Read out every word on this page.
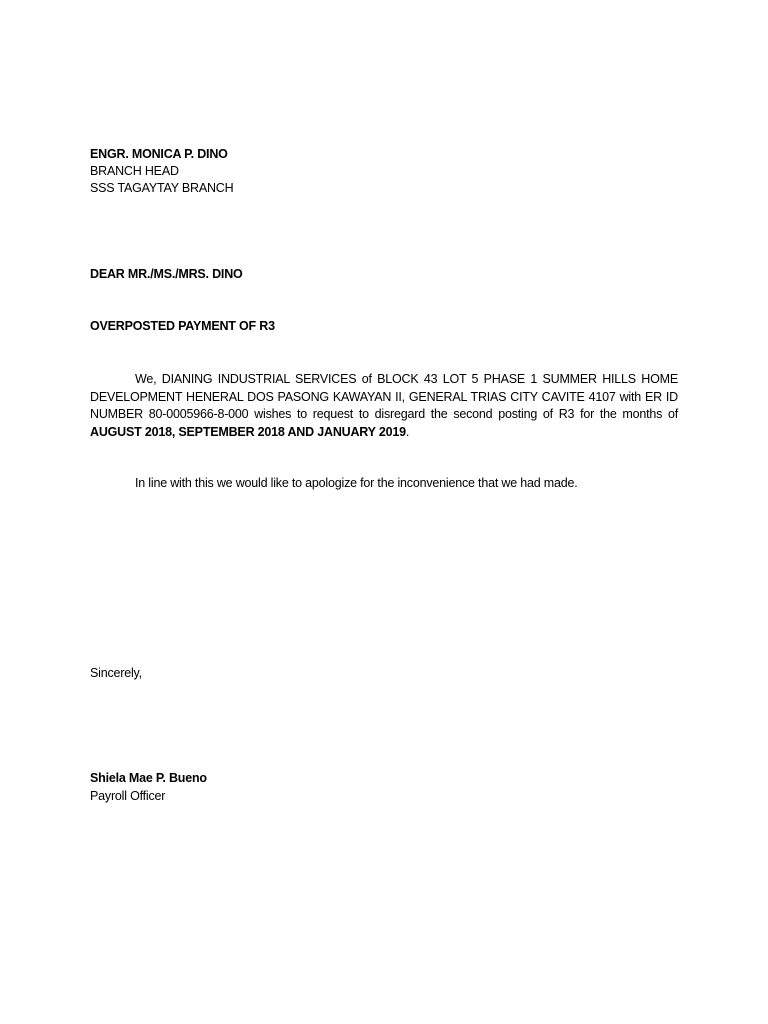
ENGR. MONICA P. DINO
BRANCH HEAD
SSS TAGAYTAY BRANCH
DEAR MR./MS./MRS. DINO
OVERPOSTED PAYMENT OF R3
We, DIANING INDUSTRIAL SERVICES of BLOCK 43 LOT 5 PHASE 1 SUMMER HILLS HOME DEVELOPMENT HENERAL DOS PASONG KAWAYAN II, GENERAL TRIAS CITY CAVITE 4107 with ER ID NUMBER 80-0005966-8-000 wishes to request to disregard the second posting of R3 for the months of AUGUST 2018, SEPTEMBER 2018 AND JANUARY 2019.
In line with this we would like to apologize for the inconvenience that we had made.
Sincerely,
Shiela Mae P. Bueno
Payroll Officer
